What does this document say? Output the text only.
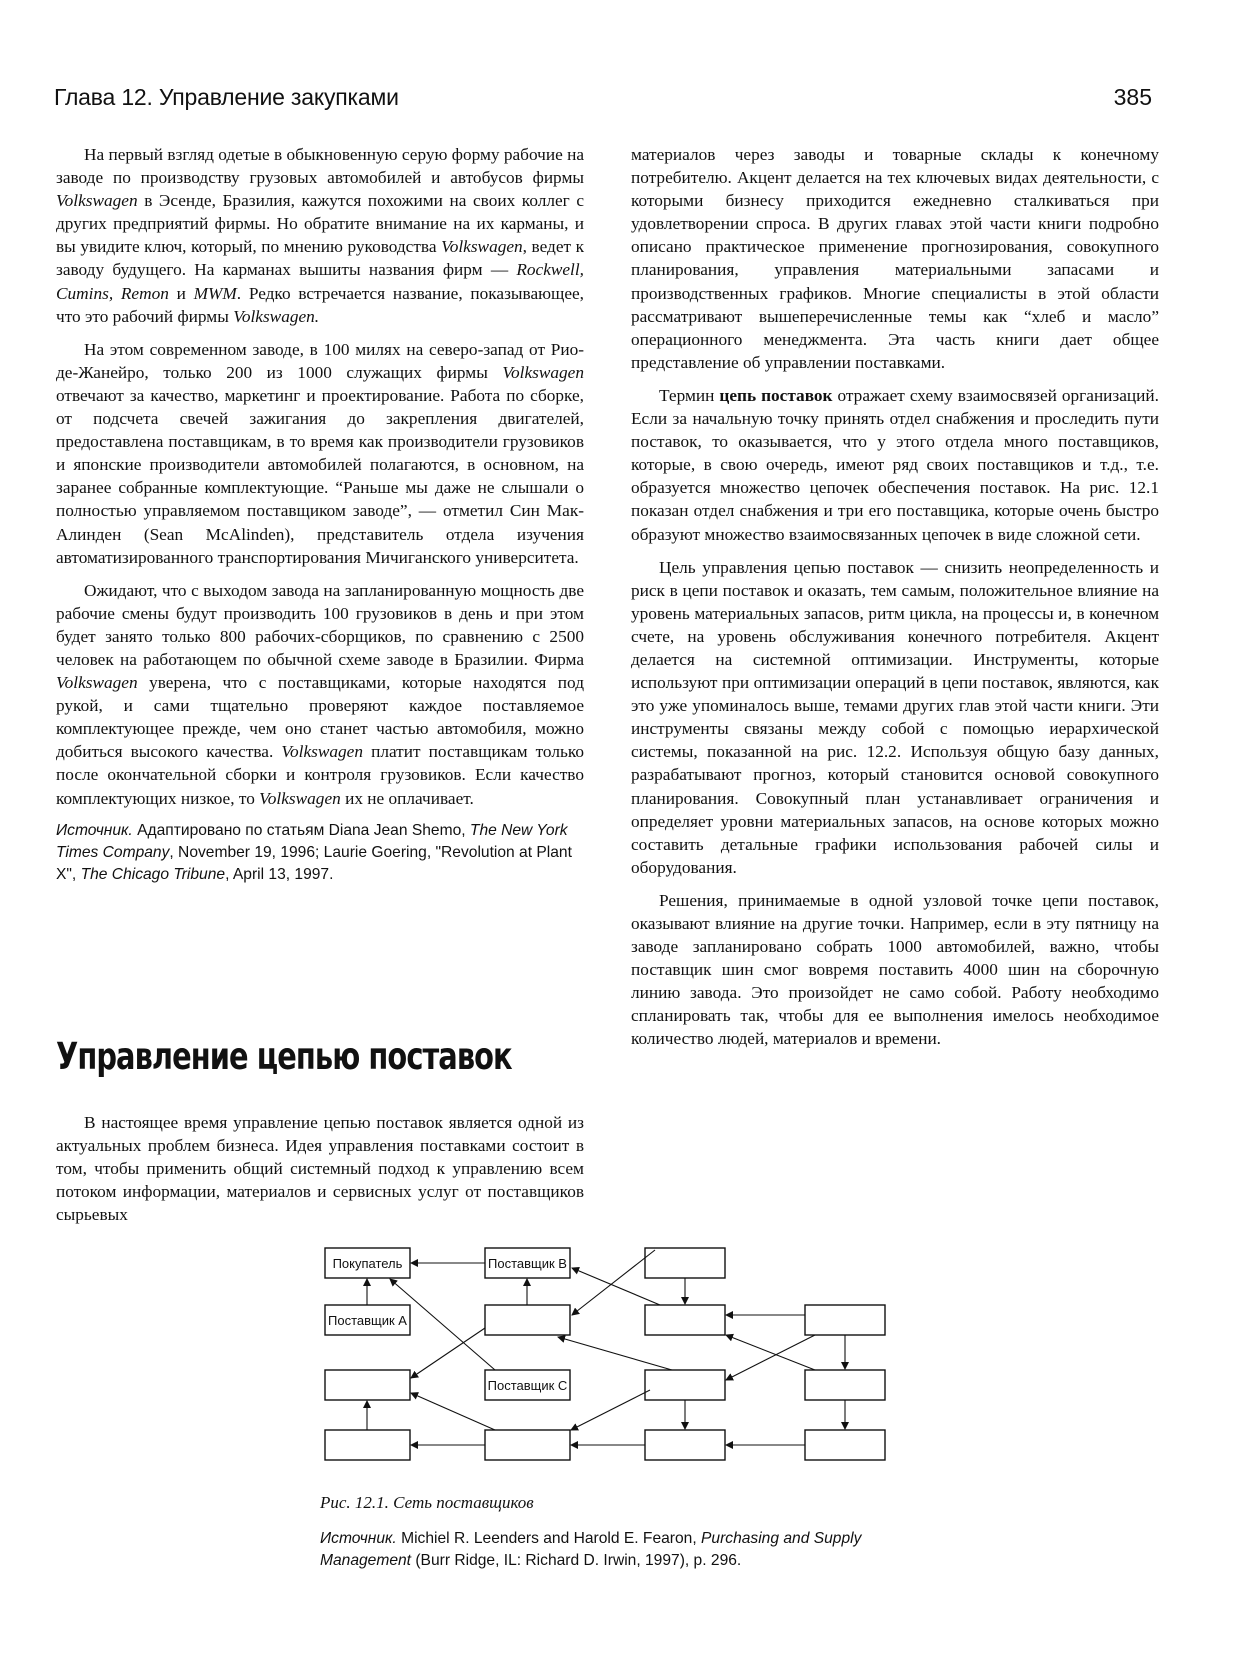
Глава 12. Управление закупками	385

На первый взгляд одетые в обыкновенную серую форму рабочие на заводе по производству грузовых автомобилей и автобусов фирмы Volkswagen в Эсенде, Бразилия, кажутся похожими на своих коллег с других предприятий фирмы. Но обратите внимание на их карманы, и вы увидите ключ, который, по мнению руководства Volkswagen, ведет к заводу будущего. На карманах вышиты названия фирм — Rockwell, Cumins, Remon и MWM. Редко встречается название, показывающее, что это рабочий фирмы Volkswagen.

На этом современном заводе, в 100 милях на северо-запад от Рио-де-Жанейро, только 200 из 1000 служащих фирмы Volkswagen отвечают за качество, маркетинг и проектирование. Работа по сборке, от подсчета свечей зажигания до закрепления двигателей, предоставлена поставщикам, в то время как производители грузовиков и японские производители автомобилей полагаются, в основном, на заранее собранные комплектующие. “Раньше мы даже не слышали о полностью управляемом поставщиком заводе”, — отметил Син Мак-Алинден (Sean McAlinden), представитель отдела изучения автоматизированного транспортирования Мичиганского университета.

Ожидают, что с выходом завода на запланированную мощность две рабочие смены будут производить 100 грузовиков в день и при этом будет занято только 800 рабочих-сборщиков, по сравнению с 2500 человек на работающем по обычной схеме заводе в Бразилии. Фирма Volkswagen уверена, что с поставщиками, которые находятся под рукой, и сами тщательно проверяют каждое поставляемое комплектующее прежде, чем оно станет частью автомобиля, можно добиться высокого качества. Volkswagen платит поставщикам только после окончательной сборки и контроля грузовиков. Если качество комплектующих низкое, то Volkswagen их не оплачивает.

Источник. Адаптировано по статьям Diana Jean Shemo, The New York Times Company, November 19, 1996; Laurie Goering, "Revolution at Plant X", The Chicago Tribune, April 13, 1997.

Управление цепью поставок

В настоящее время управление цепью поставок является одной из актуальных проблем бизнеса. Идея управления поставками состоит в том, чтобы применить общий системный подход к управлению всем потоком информации, материалов и сервисных услуг от поставщиков сырьевых

материалов через заводы и товарные склады к конечному потребителю. Акцент делается на тех ключевых видах деятельности, с которыми бизнесу приходится ежедневно сталкиваться при удовлетворении спроса. В других главах этой части книги подробно описано практическое применение прогнозирования, совокупного планирования, управления материальными запасами и производственных графиков. Многие специалисты в этой области рассматривают вышеперечисленные темы как “хлеб и масло” операционного менеджмента. Эта часть книги дает общее представление об управлении поставками.

Термин цепь поставок отражает схему взаимосвязей организаций. Если за начальную точку принять отдел снабжения и проследить пути поставок, то оказывается, что у этого отдела много поставщиков, которые, в свою очередь, имеют ряд своих поставщиков и т.д., т.е. образуется множество цепочек обеспечения поставок. На рис. 12.1 показан отдел снабжения и три его поставщика, которые очень быстро образуют множество взаимосвязанных цепочек в виде сложной сети.

Цель управления цепью поставок — снизить неопределенность и риск в цепи поставок и оказать, тем самым, положительное влияние на уровень материальных запасов, ритм цикла, на процессы и, в конечном счете, на уровень обслуживания конечного потребителя. Акцент делается на системной оптимизации. Инструменты, которые используют при оптимизации операций в цепи поставок, являются, как это уже упоминалось выше, темами других глав этой части книги. Эти инструменты связаны между собой с помощью иерархической системы, показанной на рис. 12.2. Используя общую базу данных, разрабатывают прогноз, который становится основой совокупного планирования. Совокупный план устанавливает ограничения и определяет уровни материальных запасов, на основе которых можно составить детальные графики использования рабочей силы и оборудования.

Решения, принимаемые в одной узловой точке цепи поставок, оказывают влияние на другие точки. Например, если в эту пятницу на заводе запланировано собрать 1000 автомобилей, важно, чтобы поставщик шин смог вовремя поставить 4000 шин на сборочную линию завода. Это произойдет не само собой. Работу необходимо спланировать так, чтобы для ее выполнения имелось необходимое количество людей, материалов и времени.

Покупатель	Поставщик В
Поставщик А
Поставщик С
Рис. 12.1. Сеть поставщиков
Источник. Michiel R. Leenders and Harold E. Fearon, Purchasing and Supply Management (Burr Ridge, IL: Richard D. Irwin, 1997), p. 296.
